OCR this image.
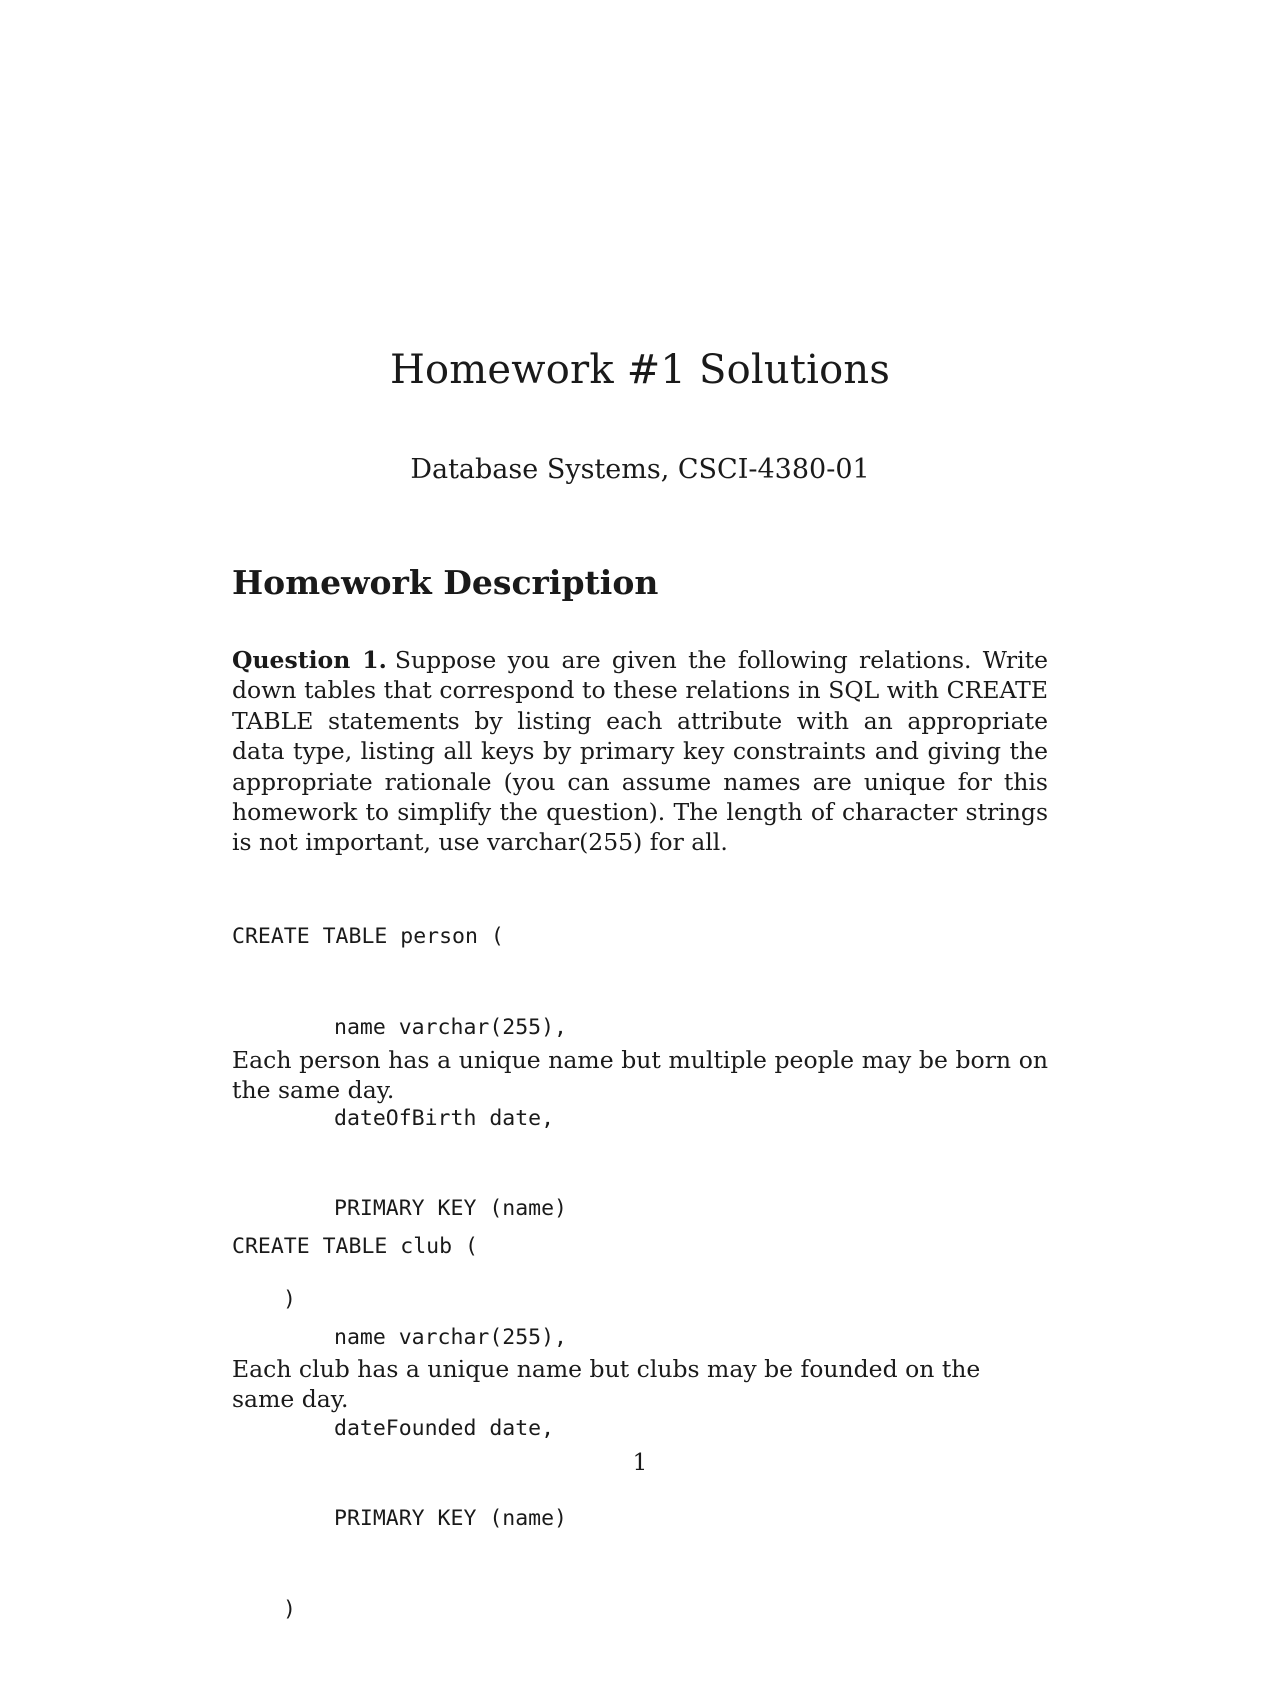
Homework #1 Solutions
Database Systems, CSCI-4380-01
Homework Description

Question 1. Suppose you are given the following relations. Write down tables that correspond to these relations in SQL with CREATE TABLE statements by listing each attribute with an appropriate data type, listing all keys by primary key constraints and giving the appropriate rationale (you can assume names are unique for this homework to simplify the question). The length of character strings is not important, use varchar(255) for all.

CREATE TABLE person (

name varchar(255),

dateOfBirth date,

PRIMARY KEY (name)

)

Each person has a unique name but multiple people may be born on the same day.

CREATE TABLE club (

name varchar(255),

dateFounded date,

PRIMARY KEY (name)

)

Each club has a unique name but clubs may be founded on the same day.

1
